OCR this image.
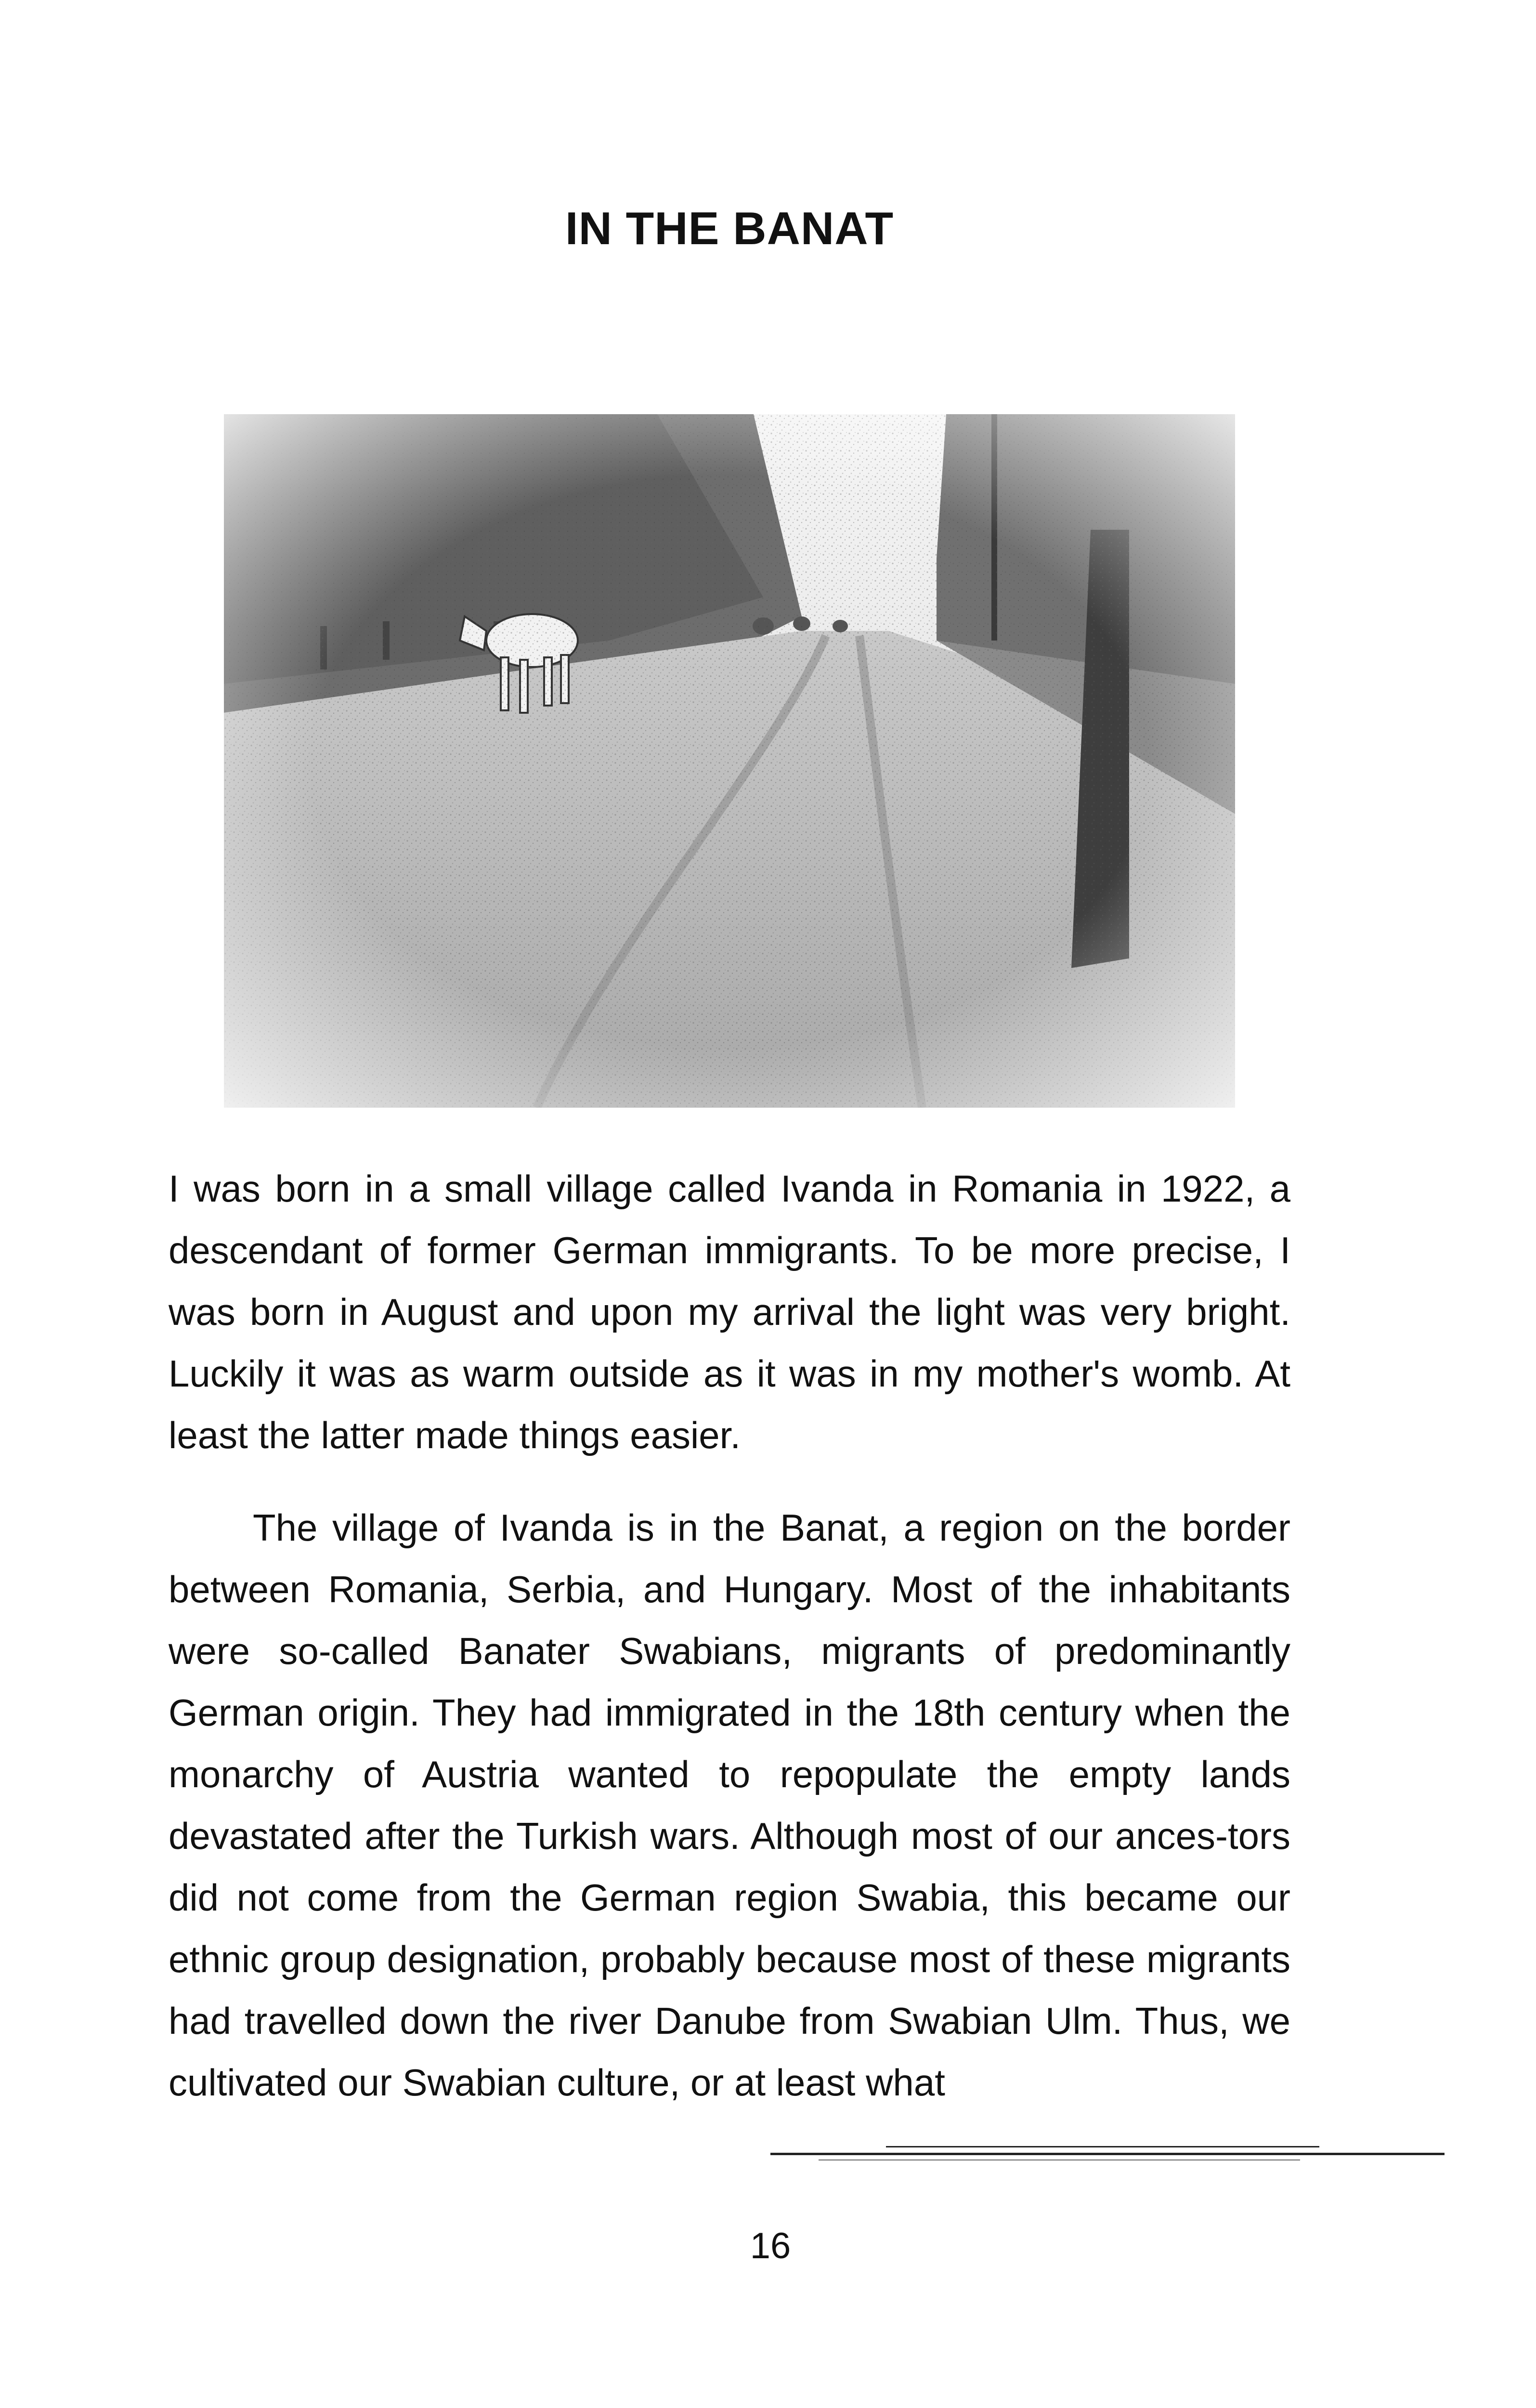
IN THE BANAT

I was born in a small village called Ivanda in Romania in 1922, a descendant of former German immigrants. To be more precise, I was born in August and upon my arrival the light was very bright. Luckily it was as warm outside as it was in my mother's womb. At least the latter made things easier.

The village of Ivanda is in the Banat, a region on the border between Romania, Serbia, and Hungary. Most of the inhabitants were so-called Banater Swabians, migrants of predominantly German origin. They had immigrated in the 18th century when the monarchy of Austria wanted to repopulate the empty lands devastated after the Turkish wars. Although most of our ances-tors did not come from the German region Swabia, this became our ethnic group designation, probably because most of these migrants had travelled down the river Danube from Swabian Ulm. Thus, we cultivated our Swabian culture, or at least what

16
